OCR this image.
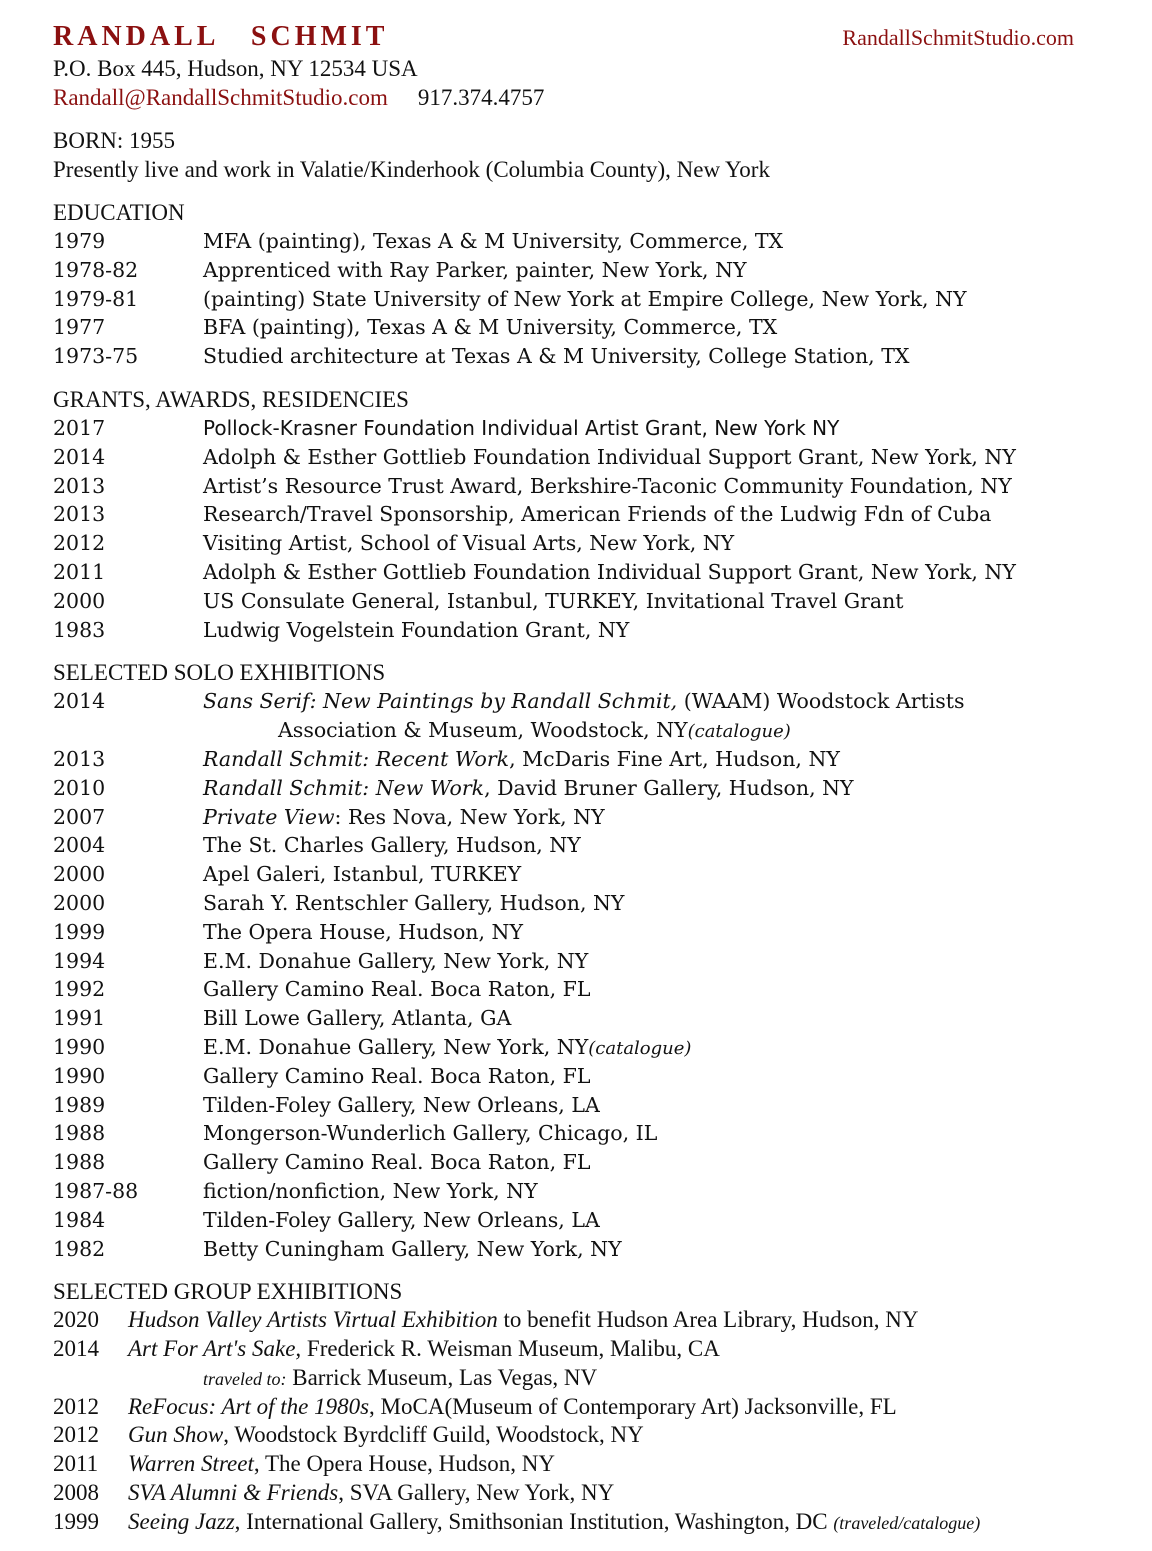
RANDALL   SCHMIT	RandallSchmitStudio.com
P.O. Box 445, Hudson, NY 12534 USA
Randall@RandallSchmitStudio.com 917.374.4757
BORN: 1955
Presently live and work in Valatie/Kinderhook (Columbia County), New York
EDUCATION
1979	MFA (painting), Texas A & M University, Commerce, TX
1978-82	Apprenticed with Ray Parker, painter, New York, NY
1979-81	(painting) State University of New York at Empire College, New York, NY
1977	BFA (painting), Texas A & M University, Commerce, TX
1973-75	Studied architecture at Texas A & M University, College Station, TX
GRANTS, AWARDS, RESIDENCIES
2017	Pollock-Krasner Foundation Individual Artist Grant, New York NY
2014	Adolph & Esther Gottlieb Foundation Individual Support Grant, New York, NY
2013	Artist’s Resource Trust Award, Berkshire-Taconic Community Foundation, NY
2013	Research/Travel Sponsorship, American Friends of the Ludwig Fdn of Cuba
2012	Visiting Artist, School of Visual Arts, New York, NY
2011	Adolph & Esther Gottlieb Foundation Individual Support Grant, New York, NY
2000	US Consulate General, Istanbul, TURKEY, Invitational Travel Grant
1983	Ludwig Vogelstein Foundation Grant, NY
SELECTED SOLO EXHIBITIONS
2014	Sans Serif: New Paintings by Randall Schmit, (WAAM) Woodstock Artists
Association & Museum, Woodstock, NY(catalogue)
2013	Randall Schmit: Recent Work, McDaris Fine Art, Hudson, NY
2010	Randall Schmit: New Work, David Bruner Gallery, Hudson, NY
2007	Private View: Res Nova, New York, NY
2004	The St. Charles Gallery, Hudson, NY
2000	Apel Galeri, Istanbul, TURKEY
2000	Sarah Y. Rentschler Gallery, Hudson, NY
1999	The Opera House, Hudson, NY
1994	E.M. Donahue Gallery, New York, NY
1992	Gallery Camino Real. Boca Raton, FL
1991	Bill Lowe Gallery, Atlanta, GA
1990	E.M. Donahue Gallery, New York, NY(catalogue)
1990	Gallery Camino Real. Boca Raton, FL
1989	Tilden-Foley Gallery, New Orleans, LA
1988	Mongerson-Wunderlich Gallery, Chicago, IL
1988	Gallery Camino Real. Boca Raton, FL
1987-88	fiction/nonfiction, New York, NY
1984	Tilden-Foley Gallery, New Orleans, LA
1982	Betty Cuningham Gallery, New York, NY
SELECTED GROUP EXHIBITIONS
2020 Hudson Valley Artists Virtual Exhibition to benefit Hudson Area Library, Hudson, NY
2014 Art For Art's Sake, Frederick R. Weisman Museum, Malibu, CA
traveled to: Barrick Museum, Las Vegas, NV
2012 ReFocus: Art of the 1980s, MoCA(Museum of Contemporary Art) Jacksonville, FL
2012 Gun Show, Woodstock Byrdcliff Guild, Woodstock, NY
2011 Warren Street, The Opera House, Hudson, NY
2008 SVA Alumni & Friends, SVA Gallery, New York, NY
1999 Seeing Jazz, International Gallery, Smithsonian Institution, Washington, DC (traveled/catalogue)
